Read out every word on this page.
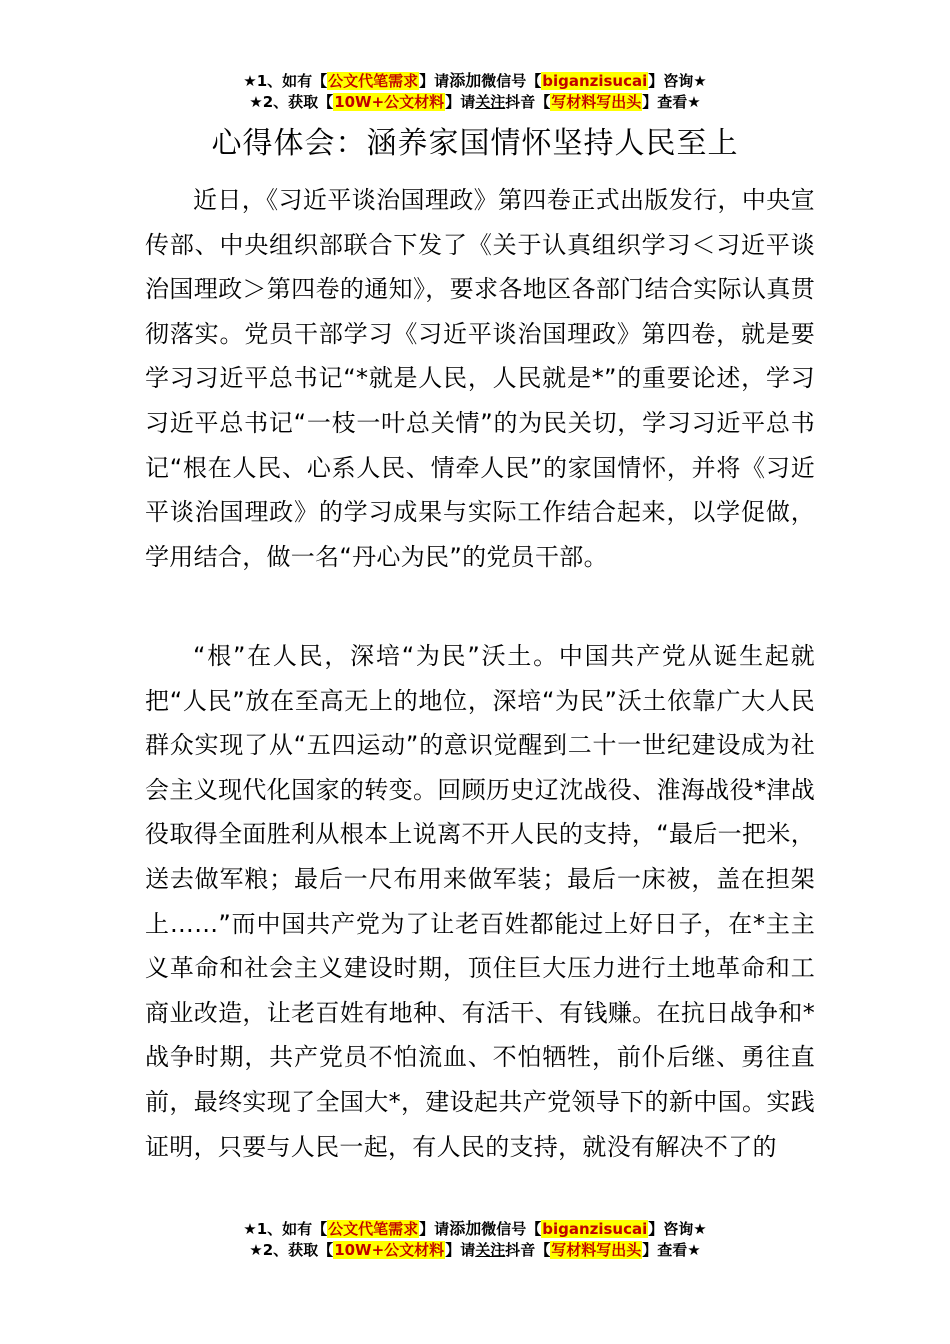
★1、如有【公文代笔需求】请添加微信号【biganzisucai】咨询★
★2、获取【10W+公文材料】请关注抖音【写材料写出头】查看★
心得体会：涵养家国情怀坚持人民至上

近日，《习近平谈治国理政》第四卷正式出版发行，中央宣传部、中央组织部联合下发了《关于认真组织学习＜习近平谈治国理政＞第四卷的通知》，要求各地区各部门结合实际认真贯彻落实。党员干部学习《习近平谈治国理政》第四卷，就是要学习习近平总书记“*就是人民，人民就是*”的重要论述，学习习近平总书记“一枝一叶总关情”的为民关切，学习习近平总书记“根在人民、心系人民、情牵人民”的家国情怀，并将《习近平谈治国理政》的学习成果与实际工作结合起来，以学促做，学用结合，做一名“丹心为民”的党员干部。

“根”在人民，深培“为民”沃土。中国共产党从诞生起就把“人民”放在至高无上的地位，深培“为民”沃土依靠广大人民群众实现了从“五四运动”的意识觉醒到二十一世纪建设成为社会主义现代化国家的转变。回顾历史辽沈战役、淮海战役*津战役取得全面胜利从根本上说离不开人民的支持，“最后一把米，送去做军粮；最后一尺布用来做军装；最后一床被，盖在担架上……”而中国共产党为了让老百姓都能过上好日子，在*主主义革命和社会主义建设时期，顶住巨大压力进行土地革命和工商业改造，让老百姓有地种、有活干、有钱赚。在抗日战争和*战争时期，共产党员不怕流血、不怕牺牲，前仆后继、勇往直前，最终实现了全国大*，建设起共产党领导下的新中国。实践证明，只要与人民一起，有人民的支持，就没有解决不了的

★1、如有【公文代笔需求】请添加微信号【biganzisucai】咨询★
★2、获取【10W+公文材料】请关注抖音【写材料写出头】查看★
